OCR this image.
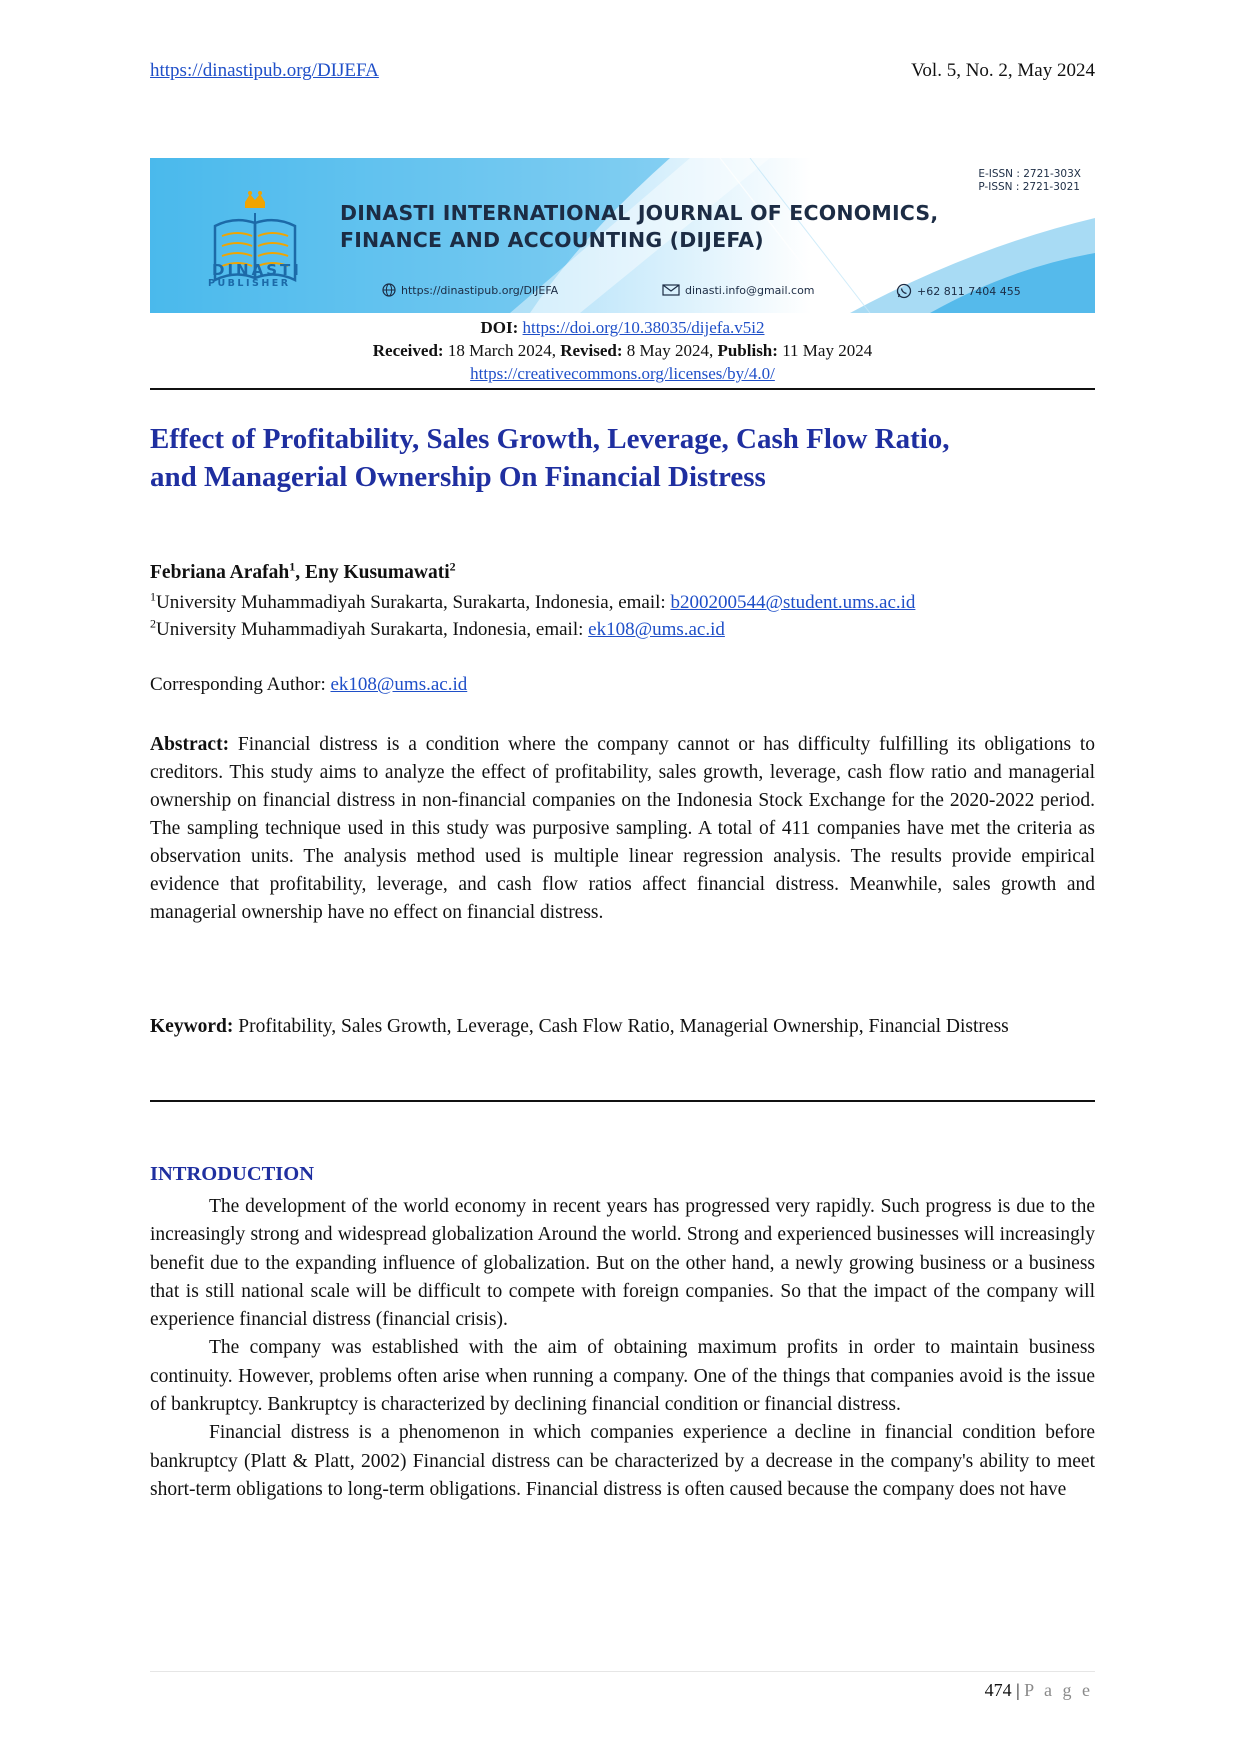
https://dinastipub.org/DIJEFA	Vol. 5, No. 2, May 2024
DINASTI
PUBLISHER
DINASTI INTERNATIONAL JOURNAL OF ECONOMICS,
FINANCE AND ACCOUNTING (DIJEFA)
E-ISSN : 2721-303X
P-ISSN : 2721-3021
https://dinastipub.org/DIJEFA	dinasti.info@gmail.com	+62 811 7404 455
DOI: https://doi.org/10.38035/dijefa.v5i2
Received: 18 March 2024, Revised: 8 May 2024, Publish: 11 May 2024
https://creativecommons.org/licenses/by/4.0/
Effect of Profitability, Sales Growth, Leverage, Cash Flow Ratio,
and Managerial Ownership On Financial Distress
Febriana Arafah$^1$, Eny Kusumawati$^2$
$^1$University Muhammadiyah Surakarta, Surakarta, Indonesia, email: b200200544@student.ums.ac.id
$^2$University Muhammadiyah Surakarta, Indonesia, email: ek108@ums.ac.id
Corresponding Author: ek108@ums.ac.id

Abstract: Financial distress is a condition where the company cannot or has difficulty fulfilling its obligations to creditors. This study aims to analyze the effect of profitability, sales growth, leverage, cash flow ratio and managerial ownership on financial distress in non-financial companies on the Indonesia Stock Exchange for the 2020-2022 period. The sampling technique used in this study was purposive sampling. A total of 411 companies have met the criteria as observation units. The analysis method used is multiple linear regression analysis. The results provide empirical evidence that profitability, leverage, and cash flow ratios affect financial distress. Meanwhile, sales growth and managerial ownership have no effect on financial distress.

Keyword: Profitability, Sales Growth, Leverage, Cash Flow Ratio, Managerial Ownership, Financial Distress

INTRODUCTION

The development of the world economy in recent years has progressed very rapidly. Such progress is due to the increasingly strong and widespread globalization Around the world. Strong and experienced businesses will increasingly benefit due to the expanding influence of globalization. But on the other hand, a newly growing business or a business that is still national scale will be difficult to compete with foreign companies. So that the impact of the company will experience financial distress (financial crisis).

The company was established with the aim of obtaining maximum profits in order to maintain business continuity. However, problems often arise when running a company. One of the things that companies avoid is the issue of bankruptcy. Bankruptcy is characterized by declining financial condition or financial distress.

Financial distress is a phenomenon in which companies experience a decline in financial condition before bankruptcy (Platt & Platt, 2002) Financial distress can be characterized by a decrease in the company's ability to meet short-term obligations to long-term obligations. Financial distress is often caused because the company does not have

474 | P a g e
